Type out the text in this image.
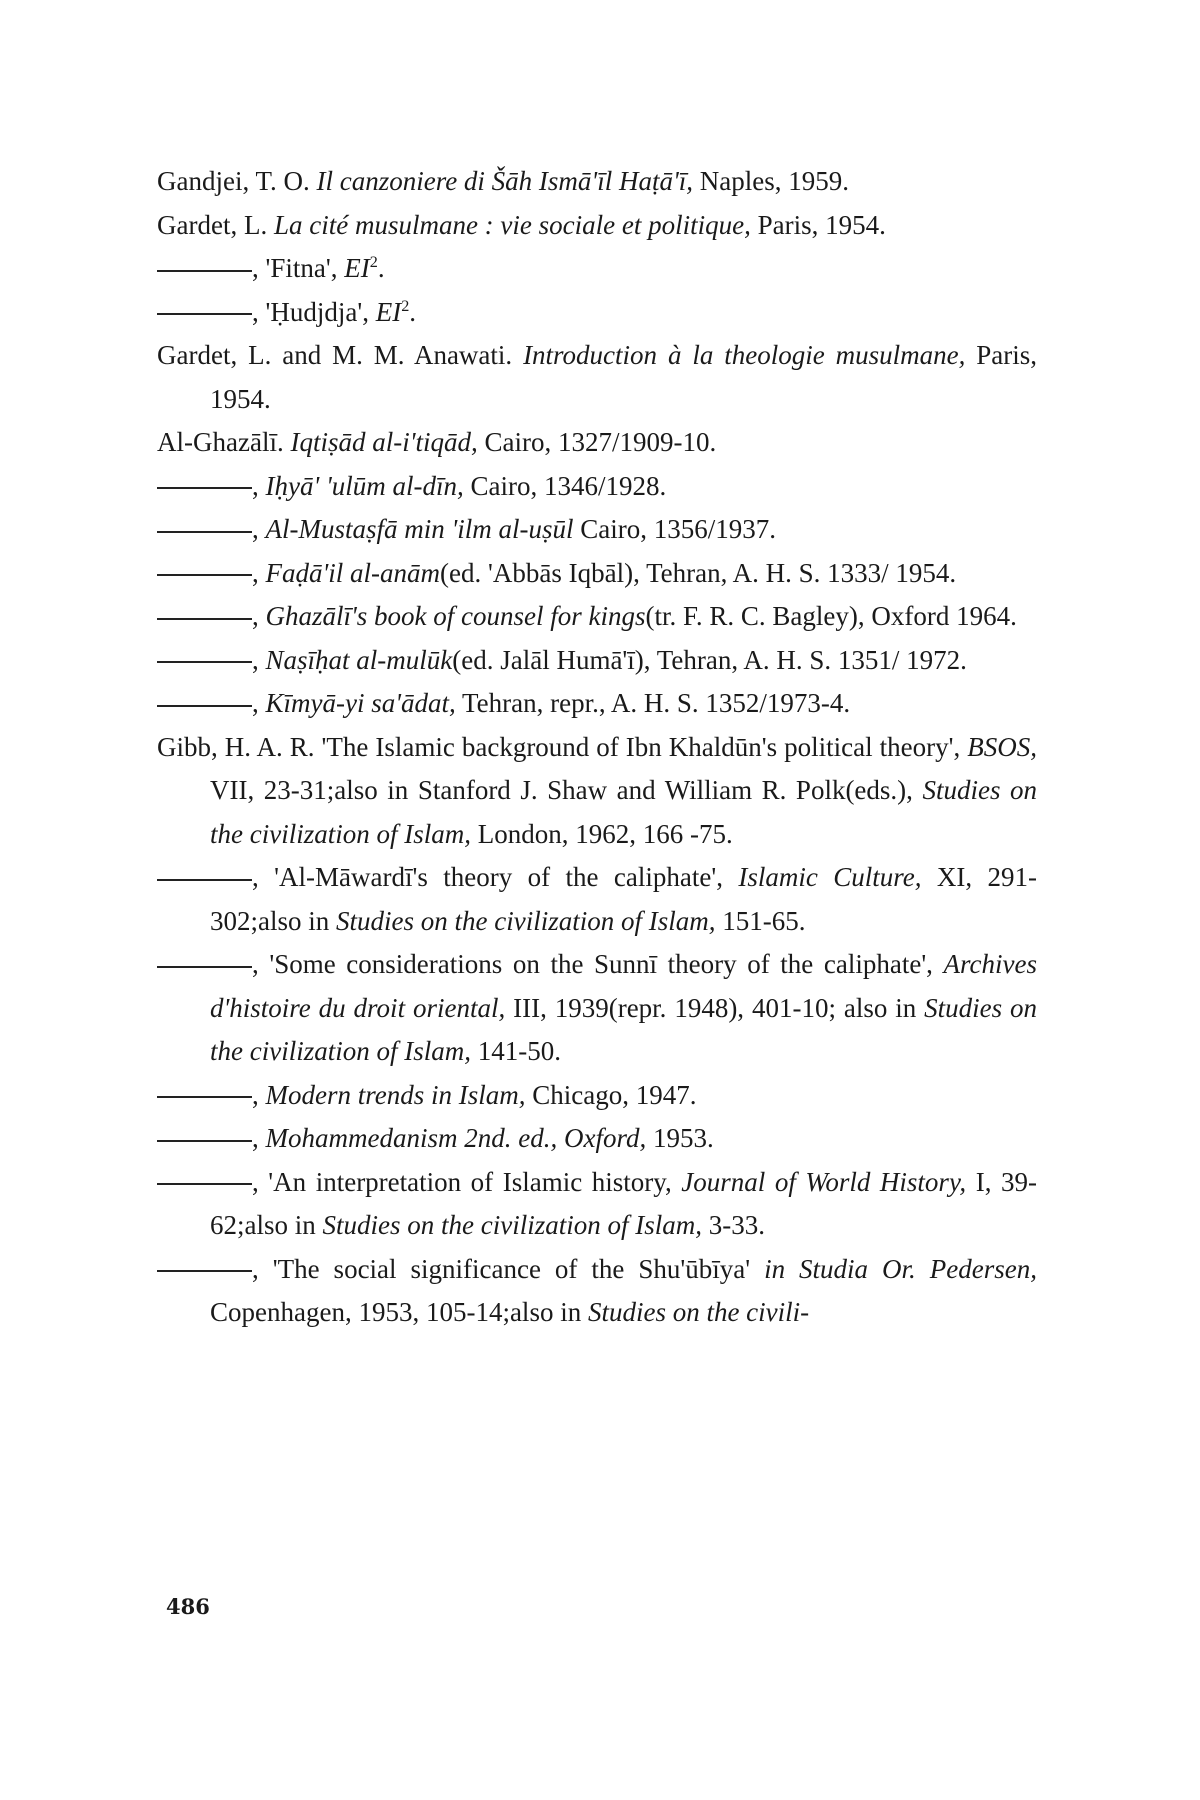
Gandjei, T. O. Il canzoniere di Šāh Ismā'īl Haṭā'ī, Naples, 1959.

Gardet, L. La cité musulmane : vie sociale et politique, Paris, 1954.

, 'Fitna', $EI^2$.

, 'Ḥudjdja', $EI^2$.

Gardet, L. and M. M. Anawati. Introduction à la theologie musulmane, Paris, 1954.

Al-Ghazālī. Iqtiṣād al-i'tiqād, Cairo, 1327/1909-10.

, Iḥyā' 'ulūm al-dīn, Cairo, 1346/1928.

, Al-Mustaṣfā min 'ilm al-uṣūl Cairo, 1356/1937.

, Faḍā'il al-anām(ed. 'Abbās Iqbāl), Tehran, A. H. S. 1333/ 1954.

, Ghazālī's book of counsel for kings(tr. F. R. C. Bagley), Oxford 1964.

, Naṣīḥat al-mulūk(ed. Jalāl Humā'ī), Tehran, A. H. S. 1351/ 1972.

, Kīmyā-yi sa'ādat, Tehran, repr., A. H. S. 1352/1973-4.

Gibb, H. A. R. 'The Islamic background of Ibn Khaldūn's political theory', BSOS, VII, 23-31;also in Stanford J. Shaw and William R. Polk(eds.), Studies on the civilization of Islam, London, 1962, 166 -75.

, 'Al-Māwardī's theory of the caliphate', Islamic Culture, XI, 291-302;also in Studies on the civilization of Islam, 151-65.

, 'Some considerations on the Sunnī theory of the caliphate', Archives d'histoire du droit oriental, III, 1939(repr. 1948), 401-10; also in Studies on the civilization of Islam, 141-50.

, Modern trends in Islam, Chicago, 1947.

, Mohammedanism 2nd. ed., Oxford, 1953.

, 'An interpretation of Islamic history, Journal of World History, I, 39-62;also in Studies on the civilization of Islam, 3-33.

, 'The social significance of the Shu'ūbīya' in Studia Or. Pedersen, Copenhagen, 1953, 105-14;also in Studies on the civili-

486
